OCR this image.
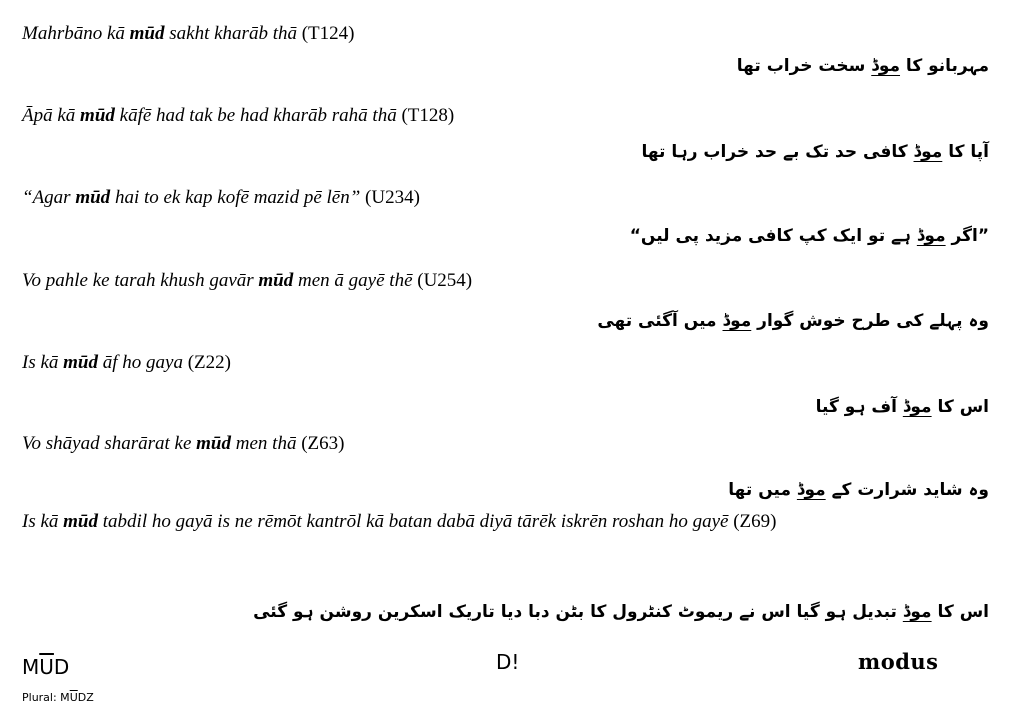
Mahrbāno kā mūd sakht kharāb thā (T124)
مہربانو کا موڈ سخت خراب تھا
Āpā kā mūd kāfē had tak be had kharāb rahā thā (T128)
آپا کا موڈ کافی حد تک بے حد خراب رہا تھا
“Agar mūd hai to ek kap kofē mazid pē lēn” (U234)
”اگر موڈ ہے تو ایک کپ کافی مزید پی لیں“
Vo pahle ke tarah khush gavār mūd men ā gayē thē (U254)
وہ پہلے کی طرح خوش گوار موڈ میں آگئی تھی
Is kā mūd āf ho gaya (Z22)
اس کا موڈ آف ہو گیا
Vo shāyad sharārat ke mūd men thā (Z63)
وہ شاید شرارت کے موڈ میں تھا
Is kā mūd tabdil ho gayā is ne rēmōt kantrōl kā batan dabā diyā tārēk iskrēn roshan ho gayē (Z69)
اس کا موڈ تبدیل ہو گیا اس نے ریموٹ کنٹرول کا بٹن دبا دیا تاریک اسکرین روشن ہو گئی
$M\overline{U}D$
Plural: $M\overline{U}DZ$
D!	modus
